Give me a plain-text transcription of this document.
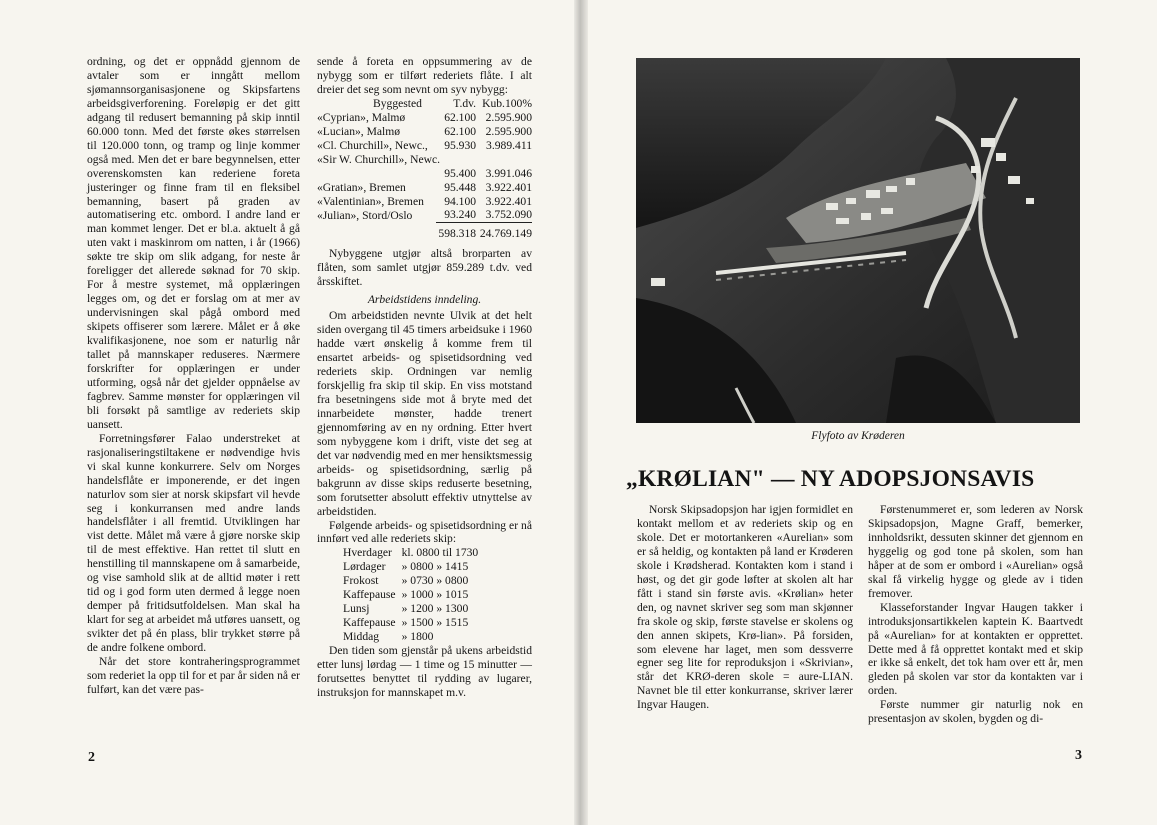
ordning, og det er oppnådd gjennom de avtaler som er inngått mellom sjømannsorganisasjonene og Skipsfartens arbeidsgiverforening. Foreløpig er det gitt adgang til redusert bemanning på skip inntil 60.000 tonn. Med det første økes størrelsen til 120.000 tonn, og tramp og linje kommer også med. Men det er bare begynnelsen, etter overenskomsten kan rederiene foreta justeringer og finne fram til en fleksibel bemanning, basert på graden av automatisering etc. ombord. I andre land er man kommet lenger. Det er bl.a. aktuelt å gå uten vakt i maskinrom om natten, i år (1966) søkte tre skip om slik adgang, for neste år foreligger det allerede søknad for 70 skip. For å mestre systemet, må opplæringen legges om, og det er forslag om at mer av undervisningen skal pågå ombord med skipets offiserer som lærere. Målet er å øke kvalifikasjonene, noe som er naturlig når tallet på mannskaper reduseres. Nærmere forskrifter for opplæringen er under utforming, også når det gjelder oppnåelse av fagbrev. Samme mønster for opplæringen vil bli forsøkt på samtlige av rederiets skip uansett.

Forretningsfører Falao understreket at rasjonaliseringstiltakene er nødvendige hvis vi skal kunne konkurrere. Selv om Norges handelsflåte er imponerende, er det ingen naturlov som sier at norsk skipsfart vil hevde seg i konkurransen med andre lands handelsflåter i all fremtid. Utviklingen har vist dette. Målet må være å gjøre norske skip til de mest effektive. Han rettet til slutt en henstilling til mannskapene om å samarbeide, og vise samhold slik at de alltid møter i rett tid og i god form uten dermed å legge noen demper på fritidsutfoldelsen. Man skal ha klart for seg at arbeidet må utføres uansett, og svikter det på én plass, blir trykket større på de andre folkene ombord.

Når det store kontraheringsprogrammet som rederiet la opp til for et par år siden nå er fulført, kan det være pas-

sende å foreta en oppsummering av de nybygg som er tilført rederiets flåte. I alt dreier det seg som nevnt om syv nybygg:

Byggested	T.dv.	Kub.100%
«Cyprian», Malmø	62.100	2.595.900
«Lucian», Malmø	62.100	2.595.900
«Cl. Churchill», Newc.,	95.930	3.989.411
«Sir W. Churchill», Newc.		
	95.400	3.991.046
«Gratian», Bremen	95.448	3.922.401
«Valentinian», Bremen	94.100	3.922.401
«Julian», Stord/Oslo	93.240	3.752.090
	598.318	24.769.149

Nybyggene utgjør altså brorparten av flåten, som samlet utgjør 859.289 t.dv. ved årsskiftet.

Arbeidstidens inndeling.

Om arbeidstiden nevnte Ulvik at det helt siden overgang til 45 timers arbeidsuke i 1960 hadde vært ønskelig å komme frem til ensartet arbeids- og spisetidsordning ved rederiets skip. Ordningen var nemlig forskjellig fra skip til skip. En viss motstand fra besetningens side mot å bryte med det innarbeidete mønster, hadde trenert gjennomføring av en ny ordning. Etter hvert som nybyggene kom i drift, viste det seg at det var nødvendig med en mer hensiktsmessig arbeids- og spisetidsordning, særlig på bakgrunn av disse skips reduserte besetning, som forutsetter absolutt effektiv utnyttelse av arbeidstiden.

Følgende arbeids- og spisetidsordning er nå innført ved alle rederiets skip:

Hverdager	kl. 0800 til 1730
Lørdager	» 0800 » 1415
Frokost	» 0730 » 0800
Kaffepause	» 1000 » 1015
Lunsj	» 1200 » 1300
Kaffepause	» 1500 » 1515
Middag	» 1800

Den tiden som gjenstår på ukens arbeidstid etter lunsj lørdag — 1 time og 15 minutter — forutsettes benyttet til rydding av lugarer, instruksjon for mannskapet m.v.

2
Flyfoto av Krøderen
„KRØLIAN" — NY ADOPSJONSAVIS

Norsk Skipsadopsjon har igjen formidlet en kontakt mellom et av rederiets skip og en skole. Det er motortankeren «Aurelian» som er så heldig, og kontakten på land er Krøderen skole i Krødsherad. Kontakten kom i stand i høst, og det gir gode løfter at skolen alt har fått i stand sin første avis. «Krølian» heter den, og navnet skriver seg som man skjønner fra skole og skip, første stavelse er skolens og den annen skipets, Krø-lian». På forsiden, som elevene har laget, men som dessverre egner seg lite for reproduksjon i «Skrivian», står det KRØ-deren skole = aure-LIAN. Navnet ble til etter konkurranse, skriver lærer Ingvar Haugen.

Førstenummeret er, som lederen av Norsk Skipsadopsjon, Magne Graff, bemerker, innholdsrikt, dessuten skinner det gjennom en hyggelig og god tone på skolen, som han håper at de som er ombord i «Aurelian» også skal få virkelig hygge og glede av i tiden fremover.

Klasseforstander Ingvar Haugen takker i introduksjonsartikkelen kaptein K. Baartvedt på «Aurelian» for at kontakten er opprettet. Dette med å få opprettet kontakt med et skip er ikke så enkelt, det tok ham over ett år, men gleden på skolen var stor da kontakten var i orden.

Første nummer gir naturlig nok en presentasjon av skolen, bygden og di-

3
